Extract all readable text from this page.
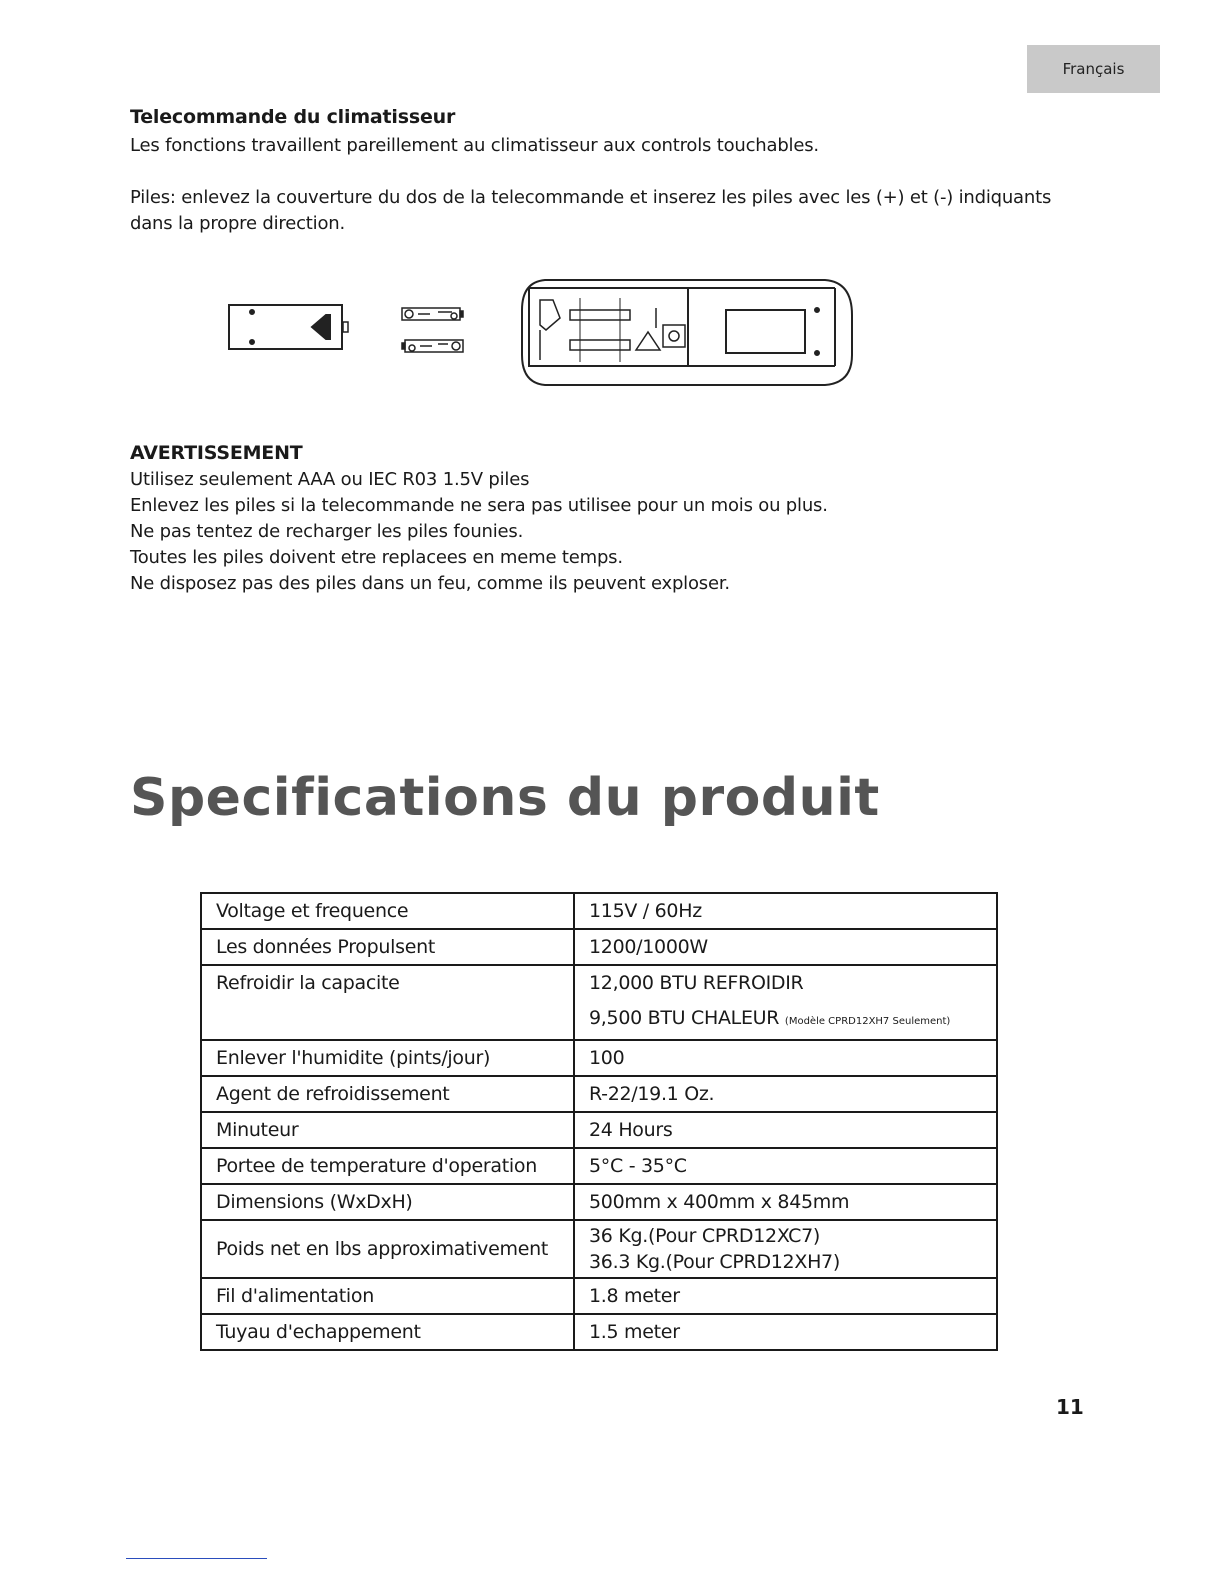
Français
Telecommande du climatisseur
Les fonctions travaillent pareillement au climatisseur aux controls touchables.
Piles: enlevez la couverture du dos de la telecommande et inserez les piles avec les (+) et (-) indiquants dans la propre direction.
AVERTISSEMENT
Utilisez seulement AAA ou IEC R03 1.5V piles
Enlevez les piles si la telecommande ne sera pas utilisee pour un mois ou plus.
Ne pas tentez de recharger les piles founies.
Toutes les piles doivent etre replacees en meme temps.
Ne disposez pas des piles dans un feu, comme ils peuvent exploser.
Specifications du produit
Voltage et frequence	115V / 60Hz
Les données Propulsent	1200/1000W
Refroidir la capacite	12,000 BTU REFROIDIR
9,500 BTU CHALEUR (Modèle CPRD12XH7 Seulement)

Enlever l'humidite (pints/jour)	100
Agent de refroidissement	R-22/19.1 Oz.
Minuteur	24 Hours
Portee de temperature d'operation	5°C - 35°C
Dimensions (WxDxH)	500mm x 400mm x 845mm
Poids net en lbs approximativement	36 Kg.(Pour CPRD12XC7)
36.3 Kg.(Pour CPRD12XH7)

Fil d'alimentation	1.8 meter
Tuyau d'echappement	1.5 meter
11
